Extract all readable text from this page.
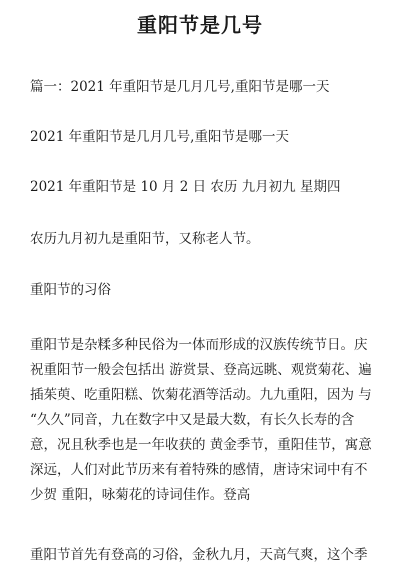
重阳节是几号
篇一：2021 年重阳节是几月几号,重阳节是哪一天
2021 年重阳节是几月几号,重阳节是哪一天
2021 年重阳节是 10 月 2 日 农历 九月初九 星期四
农历九月初九是重阳节，又称老人节。
重阳节的习俗
重阳节是杂糅多种民俗为一体而形成的汉族传统节日。庆
祝重阳节一般会包括出 游赏景、登高远眺、观赏菊花、遍
插茱萸、吃重阳糕、饮菊花酒等活动。九九重阳，因为 与
“久久”同音，九在数字中又是最大数，有长久长寿的含
意，况且秋季也是一年收获的 黄金季节，重阳佳节，寓意
深远，人们对此节历来有着特殊的感情，唐诗宋词中有不
少贺 重阳，咏菊花的诗词佳作。登高
重阳节首先有登高的习俗，金秋九月，天高气爽，这个季
